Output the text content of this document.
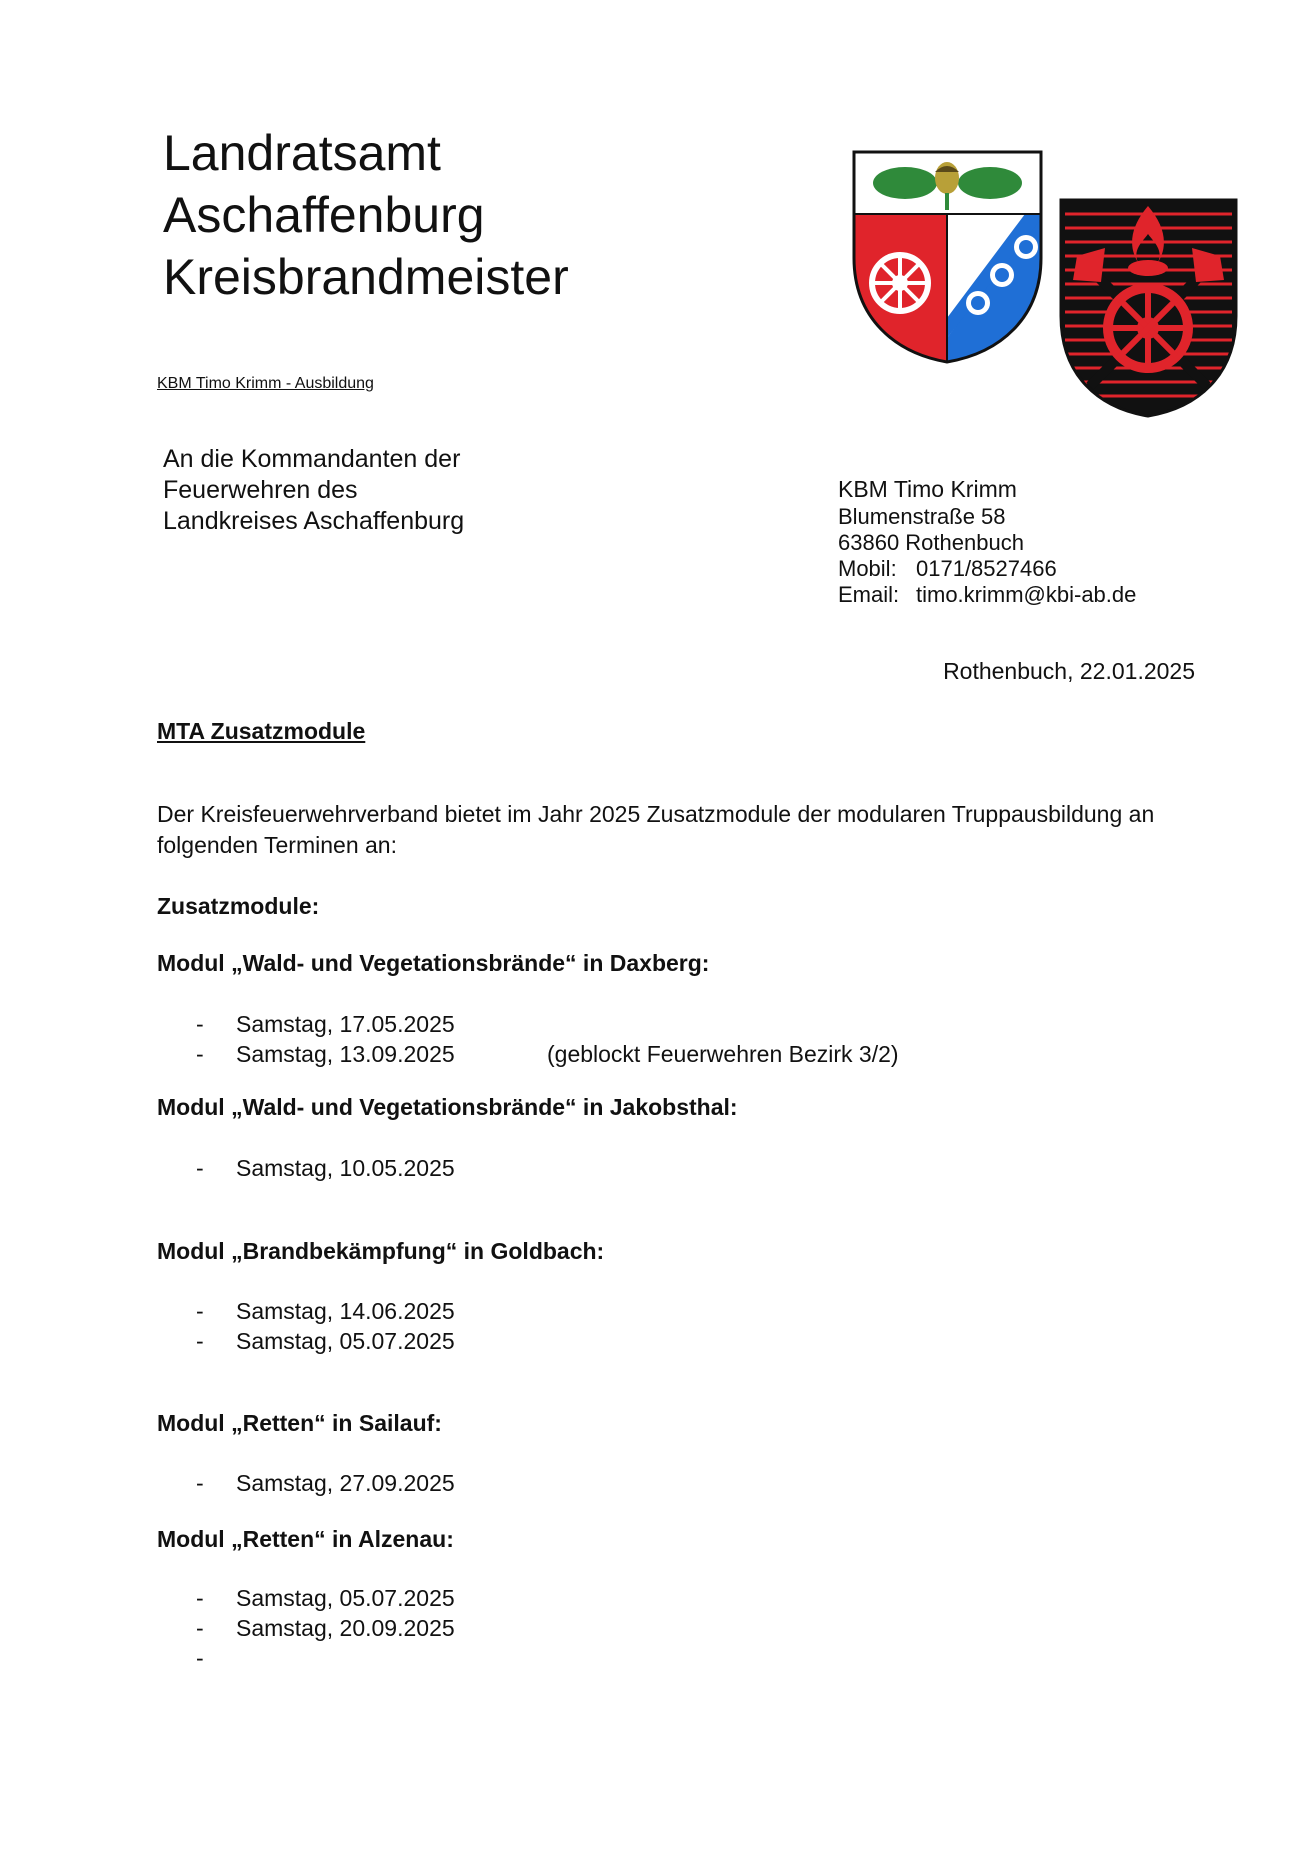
Landratsamt
Aschaffenburg
Kreisbrandmeister
KBM Timo Krimm - Ausbildung
An die Kommandanten der
Feuerwehren des
Landkreises Aschaffenburg
KBM Timo Krimm
Blumenstraße 58
63860 Rothenbuch
Mobil: 0171/8527466
Email: timo.krimm@kbi-ab.de
Rothenbuch, 22.01.2025
MTA Zusatzmodule
Der Kreisfeuerwehrverband bietet im Jahr 2025 Zusatzmodule der modularen Truppausbildung an folgenden Terminen an:
Zusatzmodule:
Modul „Wald- und Vegetationsbrände“ in Daxberg:
- Samstag, 17.05.2025
- Samstag, 13.09.2025	(geblockt Feuerwehren Bezirk 3/2)
Modul „Wald- und Vegetationsbrände“ in Jakobsthal:
- Samstag, 10.05.2025
Modul „Brandbekämpfung“ in Goldbach:
- Samstag, 14.06.2025
- Samstag, 05.07.2025
Modul „Retten“ in Sailauf:
- Samstag, 27.09.2025
Modul „Retten“ in Alzenau:
- Samstag, 05.07.2025
- Samstag, 20.09.2025
-
